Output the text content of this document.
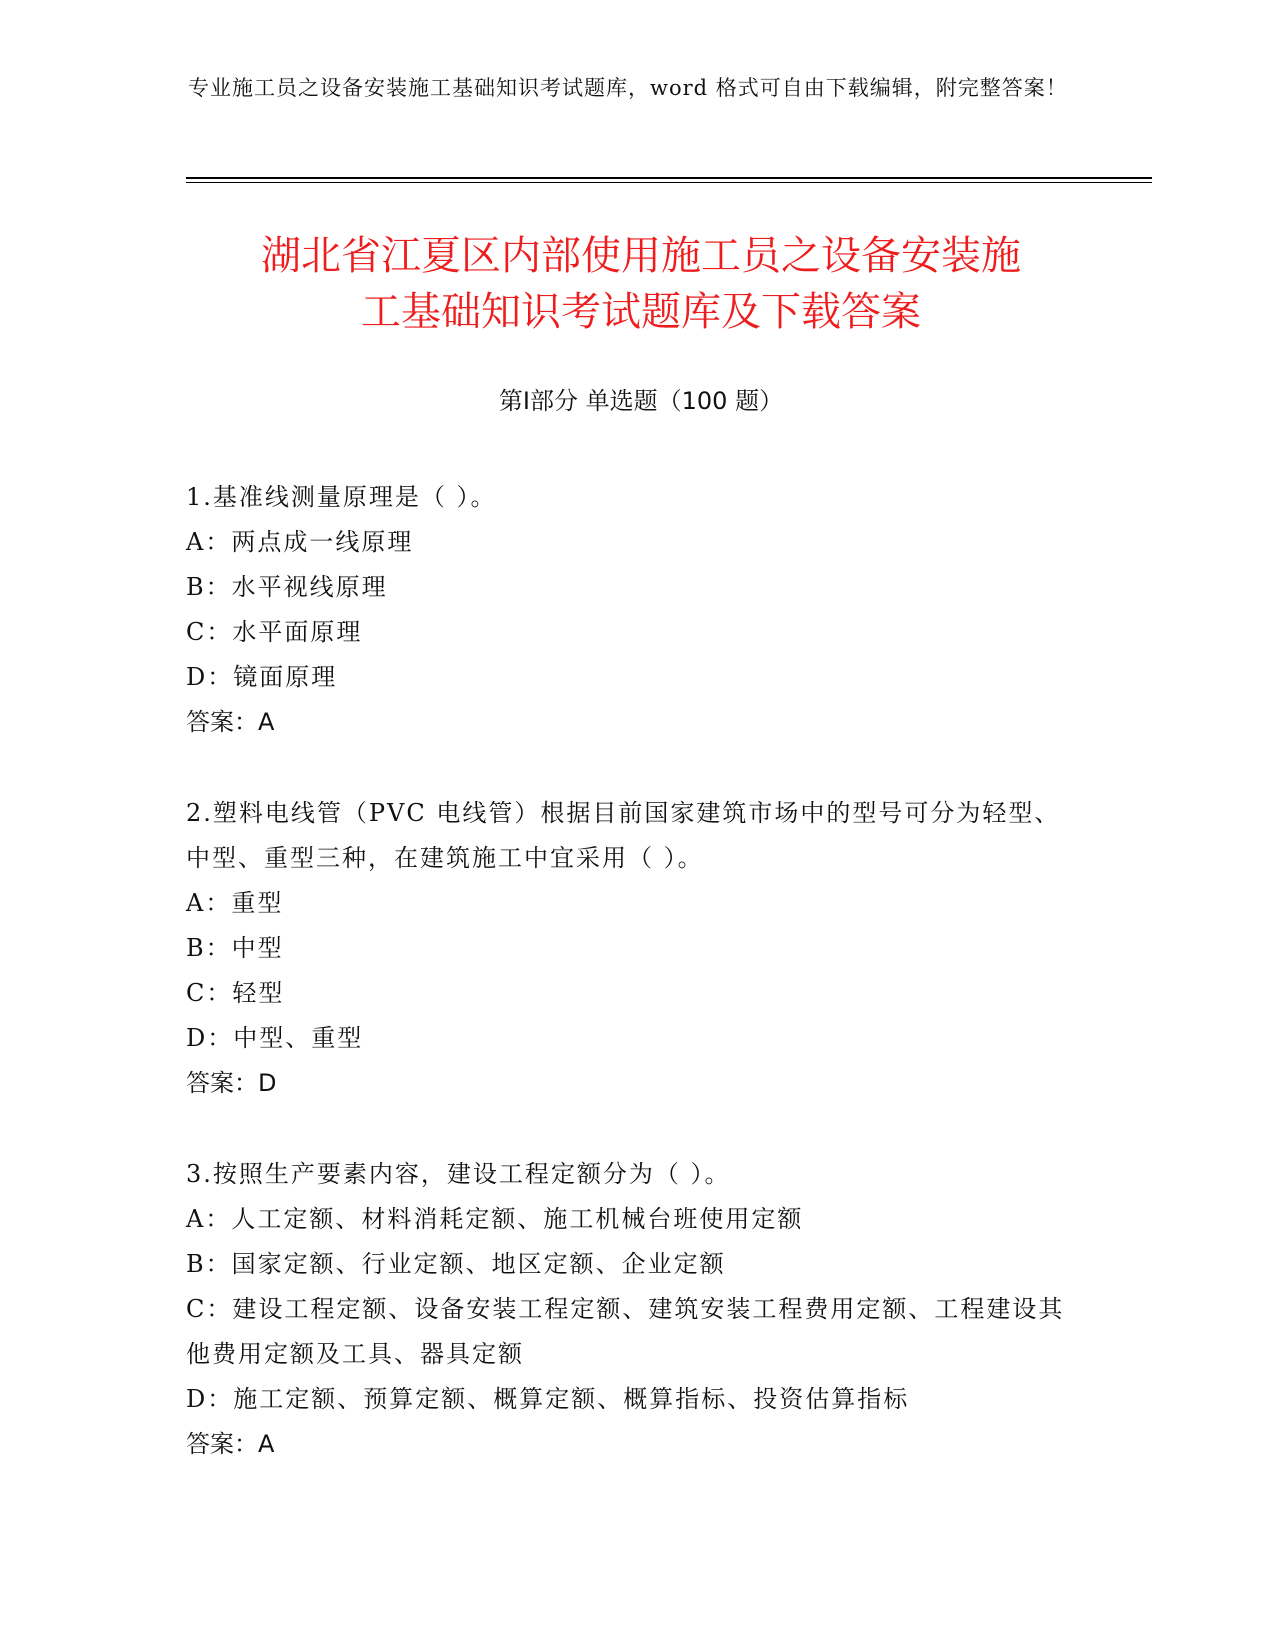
专业施工员之设备安装施工基础知识考试题库，word 格式可自由下载编辑，附完整答案！
湖北省江夏区内部使用施工员之设备安装施
工基础知识考试题库及下载答案
第Ⅰ部分 单选题（100 题）
1.基准线测量原理是（ ）。
A：两点成一线原理
B：水平视线原理
C：水平面原理
D：镜面原理
答案：A
2.塑料电线管（PVC 电线管）根据目前国家建筑市场中的型号可分为轻型、中型、重型三种，在建筑施工中宜采用（ ）。
A：重型
B：中型
C：轻型
D：中型、重型
答案：D
3.按照生产要素内容，建设工程定额分为（ ）。
A：人工定额、材料消耗定额、施工机械台班使用定额
B：国家定额、行业定额、地区定额、企业定额
C：建设工程定额、设备安装工程定额、建筑安装工程费用定额、工程建设其他费用定额及工具、器具定额
D：施工定额、预算定额、概算定额、概算指标、投资估算指标
答案：A
